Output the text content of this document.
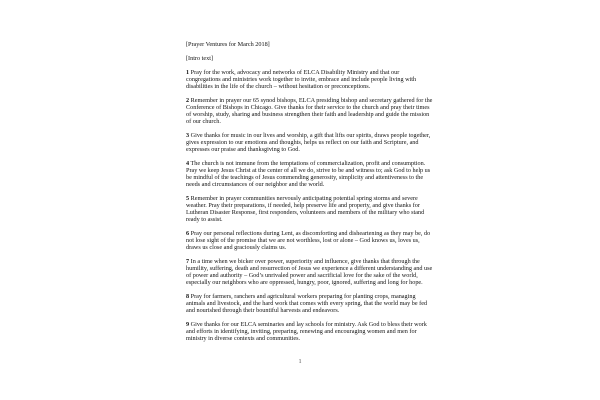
[Prayer Ventures for March 2018]
[Intro text]

1 Pray for the work, advocacy and networks of ELCA Disability Ministry and that our congregations and ministries work together to invite, embrace and include people living with disabilities in the life of the church – without hesitation or preconceptions.

2 Remember in prayer our 65 synod bishops, ELCA presiding bishop and secretary gathered for the Conference of Bishops in Chicago. Give thanks for their service to the church and pray their times of worship, study, sharing and business strengthen their faith and leadership and guide the mission of our church.

3 Give thanks for music in our lives and worship, a gift that lifts our spirits, draws people together, gives expression to our emotions and thoughts, helps us reflect on our faith and Scripture, and expresses our praise and thanksgiving to God.

4 The church is not immune from the temptations of commercialization, profit and consumption. Pray we keep Jesus Christ at the center of all we do, strive to be and witness to; ask God to help us be mindful of the teachings of Jesus commending generosity, simplicity and attentiveness to the needs and circumstances of our neighbor and the world.

5 Remember in prayer communities nervously anticipating potential spring storms and severe weather. Pray their preparations, if needed, help preserve life and property, and give thanks for Lutheran Disaster Response, first responders, volunteers and members of the military who stand ready to assist.

6 Pray our personal reflections during Lent, as discomforting and disheartening as they may be, do not lose sight of the promise that we are not worthless, lost or alone – God knows us, loves us, draws us close and graciously claims us.

7 In a time when we bicker over power, superiority and influence, give thanks that through the humility, suffering, death and resurrection of Jesus we experience a different understanding and use of power and authority – God’s unrivaled power and sacrificial love for the sake of the world, especially our neighbors who are oppressed, hungry, poor, ignored, suffering and long for hope.

8 Pray for farmers, ranchers and agricultural workers preparing for planting crops, managing animals and livestock, and the hard work that comes with every spring, that the world may be fed and nourished through their bountiful harvests and endeavors.

9 Give thanks for our ELCA seminaries and lay schools for ministry. Ask God to bless their work and efforts in identifying, inviting, preparing, renewing and encouraging women and men for ministry in diverse contexts and communities.

1
